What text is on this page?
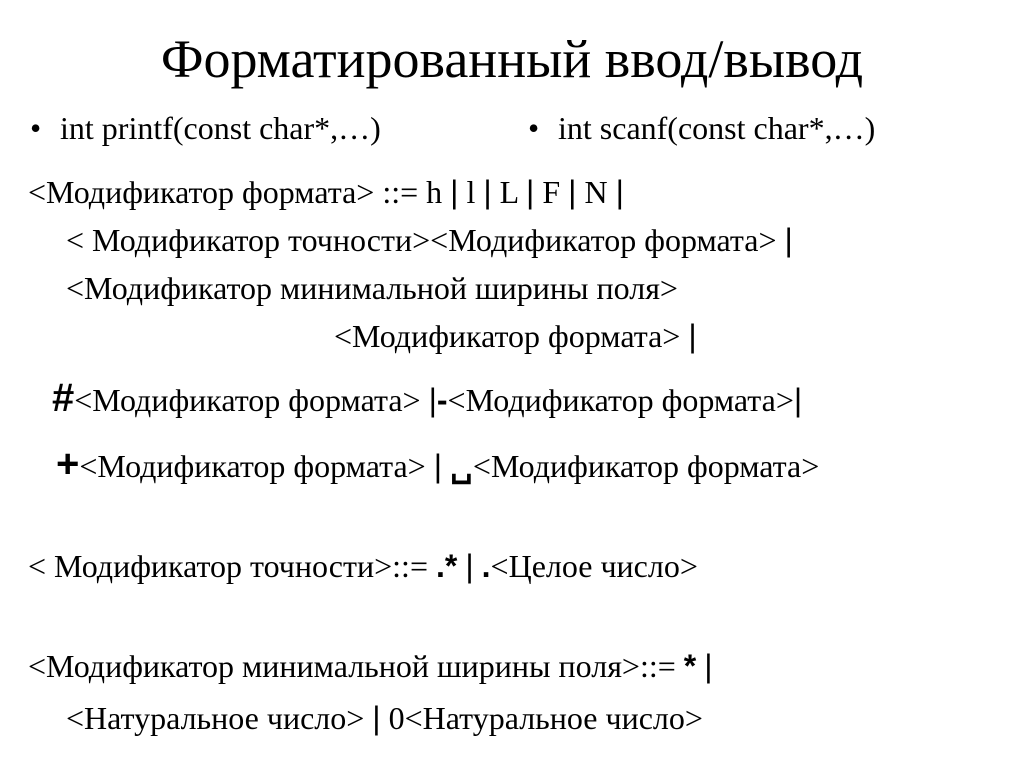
Форматированный ввод/вывод
• int printf(const char*,…)	• int scanf(const char*,…)
<Модификатор формата> ::= h | l | L | F | N |
< Модификатор точности><Модификатор формата> |
<Модификатор минимальной ширины поля>
<Модификатор формата> |
#<Модификатор формата> |-<Модификатор формата>|
+<Модификатор формата> | ␣<Модификатор формата>
< Модификатор точности>::= .* | .<Целое число>
<Модификатор минимальной ширины поля>::= * |
<Натуральное число> | 0<Натуральное число>
